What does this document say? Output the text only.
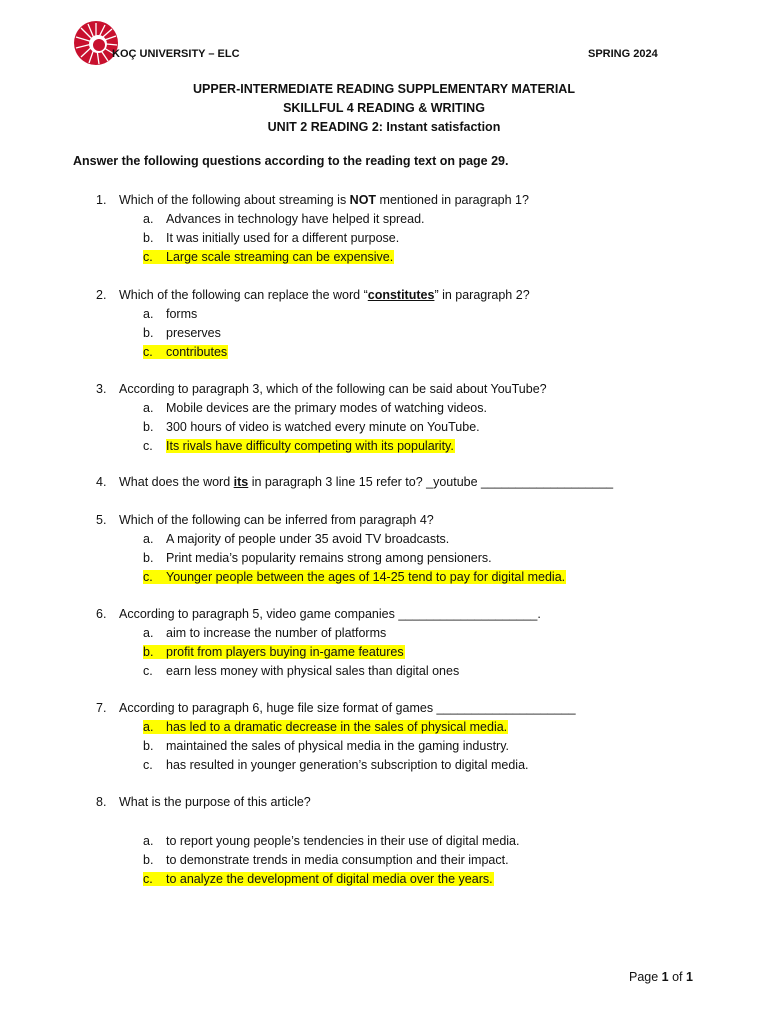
KOÇ UNIVERSITY – ELC	SPRING 2024
UPPER-INTERMEDIATE READING SUPPLEMENTARY MATERIAL
SKILLFUL 4 READING & WRITING
UNIT 2 READING 2: Instant satisfaction
Answer the following questions according to the reading text on page 29.
1. Which of the following about streaming is NOT mentioned in paragraph 1?
a. Advances in technology have helped it spread.
b. It was initially used for a different purpose.
c. Large scale streaming can be expensive.
2. Which of the following can replace the word “constitutes” in paragraph 2?
a. forms
b. preserves
c. contributes
3. According to paragraph 3, which of the following can be said about YouTube?
a. Mobile devices are the primary modes of watching videos.
b. 300 hours of video is watched every minute on YouTube.
c. Its rivals have difficulty competing with its popularity.
4. What does the word its in paragraph 3 line 15 refer to? _youtube ___________________
5. Which of the following can be inferred from paragraph 4?
a. A majority of people under 35 avoid TV broadcasts.
b. Print media’s popularity remains strong among pensioners.
c. Younger people between the ages of 14-25 tend to pay for digital media.
6. According to paragraph 5, video game companies ____________________.
a. aim to increase the number of platforms
b. profit from players buying in-game features
c. earn less money with physical sales than digital ones
7. According to paragraph 6, huge file size format of games ____________________
a. has led to a dramatic decrease in the sales of physical media.
b. maintained the sales of physical media in the gaming industry.
c. has resulted in younger generation’s subscription to digital media.
8. What is the purpose of this article?
a. to report young people’s tendencies in their use of digital media.
b. to demonstrate trends in media consumption and their impact.
c. to analyze the development of digital media over the years.
Page 1 of 1
